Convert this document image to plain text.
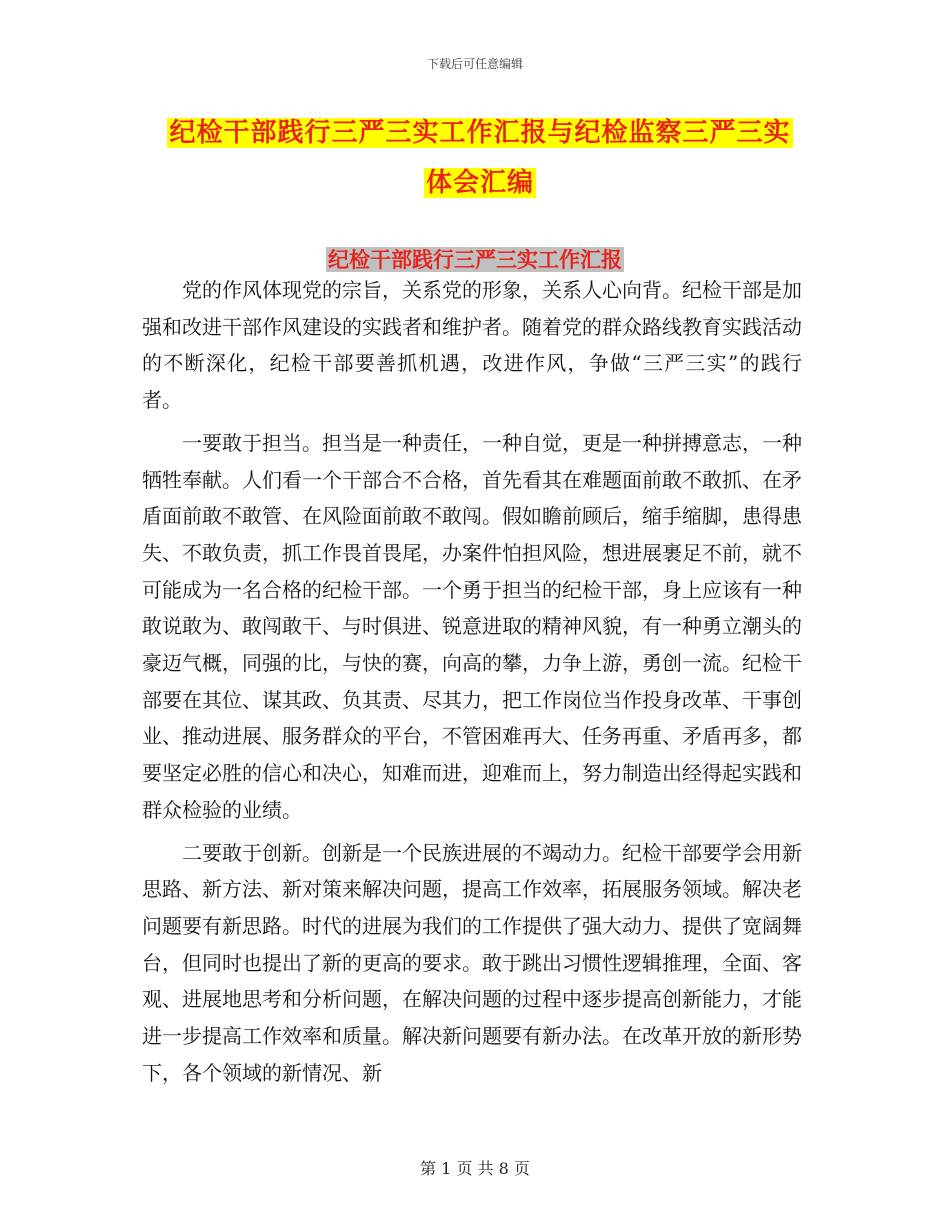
下载后可任意编辑
纪检干部践行三严三实工作汇报与纪检监察三严三实
体会汇编
纪检干部践行三严三实工作汇报

党的作风体现党的宗旨，关系党的形象，关系人心向背。纪检干部是加强和改进干部作风建设的实践者和维护者。随着党的群众路线教育实践活动的不断深化，纪检干部要善抓机遇，改进作风，争做“三严三实”的践行者。

一要敢于担当。担当是一种责任，一种自觉，更是一种拼搏意志，一种牺牲奉献。人们看一个干部合不合格，首先看其在难题面前敢不敢抓、在矛盾面前敢不敢管、在风险面前敢不敢闯。假如瞻前顾后，缩手缩脚，患得患失、不敢负责，抓工作畏首畏尾，办案件怕担风险，想进展裹足不前，就不可能成为一名合格的纪检干部。一个勇于担当的纪检干部，身上应该有一种敢说敢为、敢闯敢干、与时俱进、锐意进取的精神风貌，有一种勇立潮头的豪迈气概，同强的比，与快的赛，向高的攀，力争上游，勇创一流。纪检干部要在其位、谋其政、负其责、尽其力，把工作岗位当作投身改革、干事创业、推动进展、服务群众的平台，不管困难再大、任务再重、矛盾再多，都要坚定必胜的信心和决心，知难而进，迎难而上，努力制造出经得起实践和群众检验的业绩。

二要敢于创新。创新是一个民族进展的不竭动力。纪检干部要学会用新思路、新方法、新对策来解决问题，提高工作效率，拓展服务领域。解决老问题要有新思路。时代的进展为我们的工作提供了强大动力、提供了宽阔舞台，但同时也提出了新的更高的要求。敢于跳出习惯性逻辑推理，全面、客观、进展地思考和分析问题，在解决问题的过程中逐步提高创新能力，才能进一步提高工作效率和质量。解决新问题要有新办法。在改革开放的新形势下，各个领域的新情况、新

第 1 页 共 8 页
